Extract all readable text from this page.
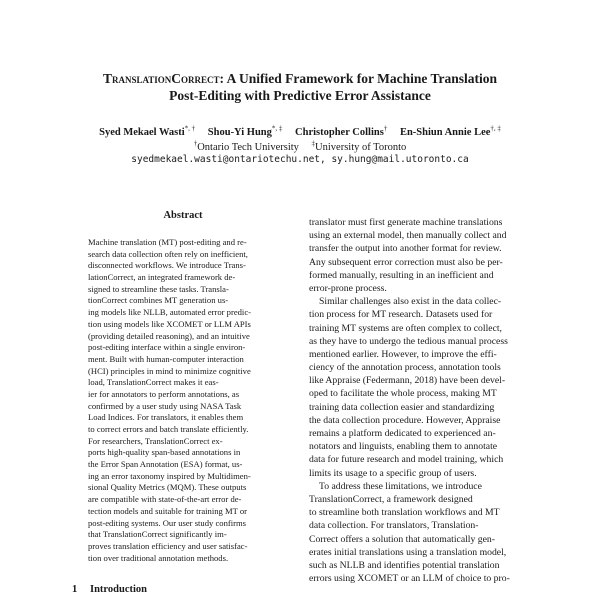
TranslationCorrect: A Unified Framework for Machine Translation
Post-Editing with Predictive Error Assistance
Syed Mekael Wasti*, † Shou-Yi Hung*, ‡ Christopher Collins† En-Shiun Annie Lee†, ‡
†Ontario Tech University ‡University of Toronto
syedmekael.wasti@ontariotechu.net, sy.hung@mail.utoronto.ca
Abstract
Machine translation (MT) post-editing and re-
search data collection often rely on inefficient,
disconnected workflows. We introduce Trans-
lationCorrect, an integrated framework de-
signed to streamline these tasks. Transla-
tionCorrect combines MT generation us-
ing models like NLLB, automated error predic-
tion using models like XCOMET or LLM APIs
(providing detailed reasoning), and an intuitive
post-editing interface within a single environ-
ment. Built with human-computer interaction
(HCI) principles in mind to minimize cognitive
load, TranslationCorrect makes it eas-
ier for annotators to perform annotations, as
confirmed by a user study using NASA Task
Load Indices. For translators, it enables them
to correct errors and batch translate efficiently.
For researchers, TranslationCorrect ex-
ports high-quality span-based annotations in
the Error Span Annotation (ESA) format, us-
ing an error taxonomy inspired by Multidimen-
sional Quality Metrics (MQM). These outputs
are compatible with state-of-the-art error de-
tection models and suitable for training MT or
post-editing systems. Our user study confirms
that TranslationCorrect significantly im-
proves translation efficiency and user satisfac-
tion over traditional annotation methods.
translator must first generate machine translations
using an external model, then manually collect and
transfer the output into another format for review.
Any subsequent error correction must also be per-
formed manually, resulting in an inefficient and
error-prone process.
Similar challenges also exist in the data collec-
tion process for MT research. Datasets used for
training MT systems are often complex to collect,
as they have to undergo the tedious manual process
mentioned earlier. However, to improve the effi-
ciency of the annotation process, annotation tools
like Appraise (Federmann, 2018) have been devel-
oped to facilitate the whole process, making MT
training data collection easier and standardizing
the data collection procedure. However, Appraise
remains a platform dedicated to experienced an-
notators and linguists, enabling them to annotate
data for future research and model training, which
limits its usage to a specific group of users.
To address these limitations, we introduce
TranslationCorrect, a framework designed
to streamline both translation workflows and MT
data collection. For translators, Translation-
Correct offers a solution that automatically gen-
erates initial translations using a translation model,
such as NLLB and identifies potential translation
errors using XCOMET or an LLM of choice to pro-
1 Introduction
